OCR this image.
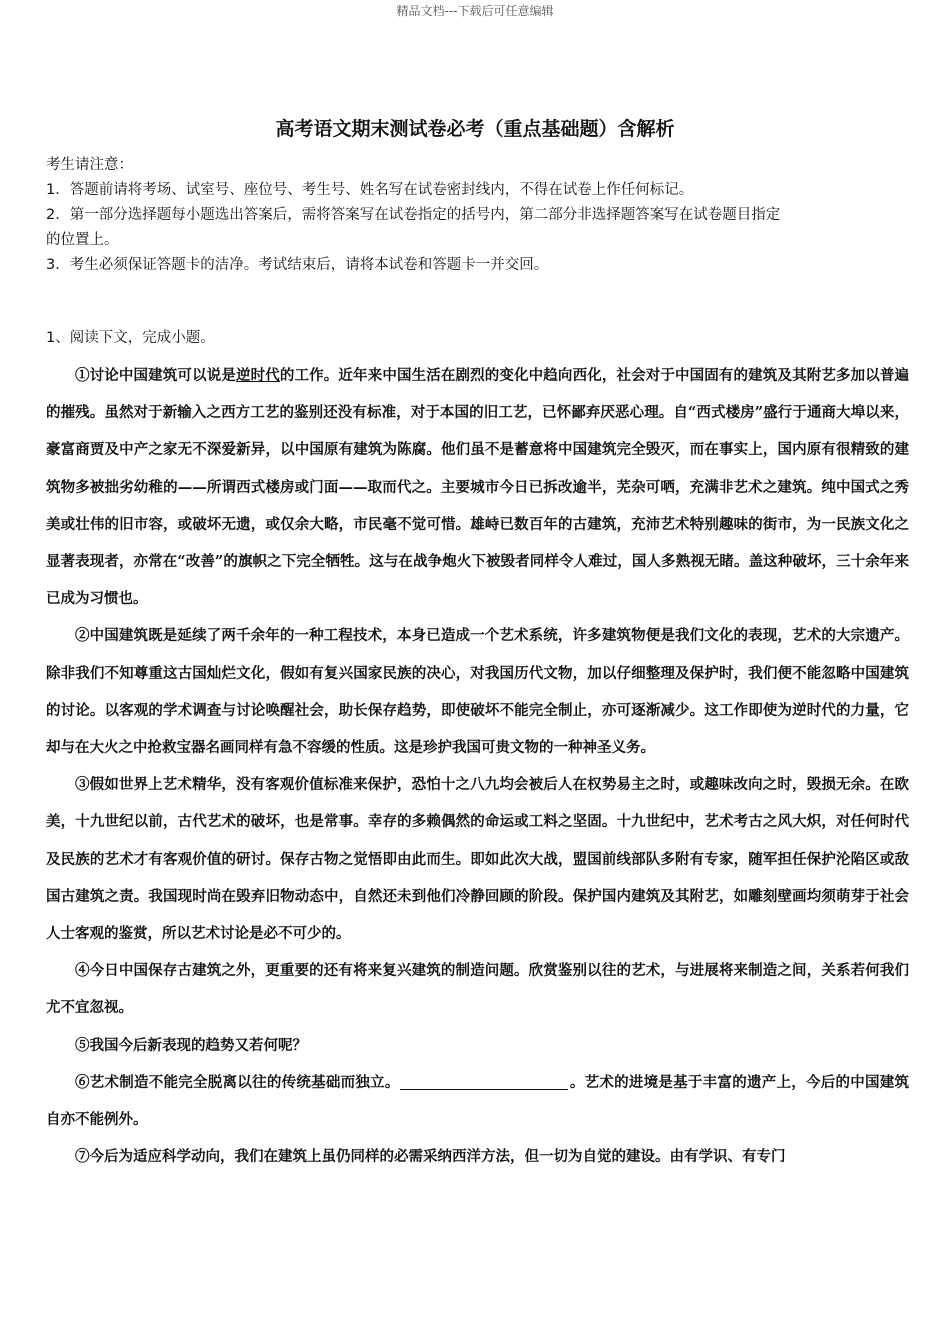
精品文档---下载后可任意编辑
高考语文期末测试卷必考（重点基础题）含解析
考生请注意：
1．答题前请将考场、试室号、座位号、考生号、姓名写在试卷密封线内，不得在试卷上作任何标记。
2．第一部分选择题每小题选出答案后，需将答案写在试卷指定的括号内，第二部分非选择题答案写在试卷题目指定
的位置上。
3．考生必须保证答题卡的洁净。考试结束后，请将本试卷和答题卡一并交回。
1、阅读下文，完成小题。

①讨论中国建筑可以说是逆时代的工作。近年来中国生活在剧烈的变化中趋向西化，社会对于中国固有的建筑及其附艺多加以普遍的摧残。虽然对于新输入之西方工艺的鉴别还没有标准，对于本国的旧工艺，已怀鄙弃厌恶心理。自“西式楼房”盛行于通商大埠以来，豪富商贾及中产之家无不深爱新异，以中国原有建筑为陈腐。他们虽不是蓄意将中国建筑完全毁灭，而在事实上，国内原有很精致的建筑物多被拙劣幼稚的——所谓西式楼房或门面——取而代之。主要城市今日已拆改逾半，芜杂可哂，充满非艺术之建筑。纯中国式之秀美或壮伟的旧市容，或破坏无遗，或仅余大略，市民毫不觉可惜。雄峙已数百年的古建筑，充沛艺术特别趣味的街市，为一民族文化之显著表现者，亦常在“改善”的旗帜之下完全牺牲。这与在战争炮火下被毁者同样令人难过，国人多熟视无睹。盖这种破坏，三十余年来已成为习惯也。

②中国建筑既是延续了两千余年的一种工程技术，本身已造成一个艺术系统，许多建筑物便是我们文化的表现，艺术的大宗遗产。除非我们不知尊重这古国灿烂文化，假如有复兴国家民族的决心，对我国历代文物，加以仔细整理及保护时，我们便不能忽略中国建筑的讨论。以客观的学术调查与讨论唤醒社会，助长保存趋势，即使破坏不能完全制止，亦可逐渐减少。这工作即使为逆时代的力量，它却与在大火之中抢救宝器名画同样有急不容缓的性质。这是珍护我国可贵文物的一种神圣义务。

③假如世界上艺术精华，没有客观价值标准来保护，恐怕十之八九均会被后人在权势易主之时，或趣味改向之时，毁损无余。在欧美，十九世纪以前，古代艺术的破坏，也是常事。幸存的多赖偶然的命运或工料之坚固。十九世纪中，艺术考古之风大炽，对任何时代及民族的艺术才有客观价值的研讨。保存古物之觉悟即由此而生。即如此次大战，盟国前线部队多附有专家，随军担任保护沦陷区或敌国古建筑之责。我国现时尚在毁弃旧物动态中，自然还未到他们冷静回顾的阶段。保护国内建筑及其附艺，如雕刻壁画均须萌芽于社会人士客观的鉴赏，所以艺术讨论是必不可少的。

④今日中国保存古建筑之外，更重要的还有将来复兴建筑的制造问题。欣赏鉴别以往的艺术，与进展将来制造之间，关系若何我们尤不宜忽视。

⑤我国今后新表现的趋势又若何呢？

⑥艺术制造不能完全脱离以往的传统基础而独立。	。艺术的进境是基于丰富的遗产上，今后的中国建筑自亦不能例外。

⑦今后为适应科学动向，我们在建筑上虽仍同样的必需采纳西洋方法，但一切为自觉的建设。由有学识、有专门
